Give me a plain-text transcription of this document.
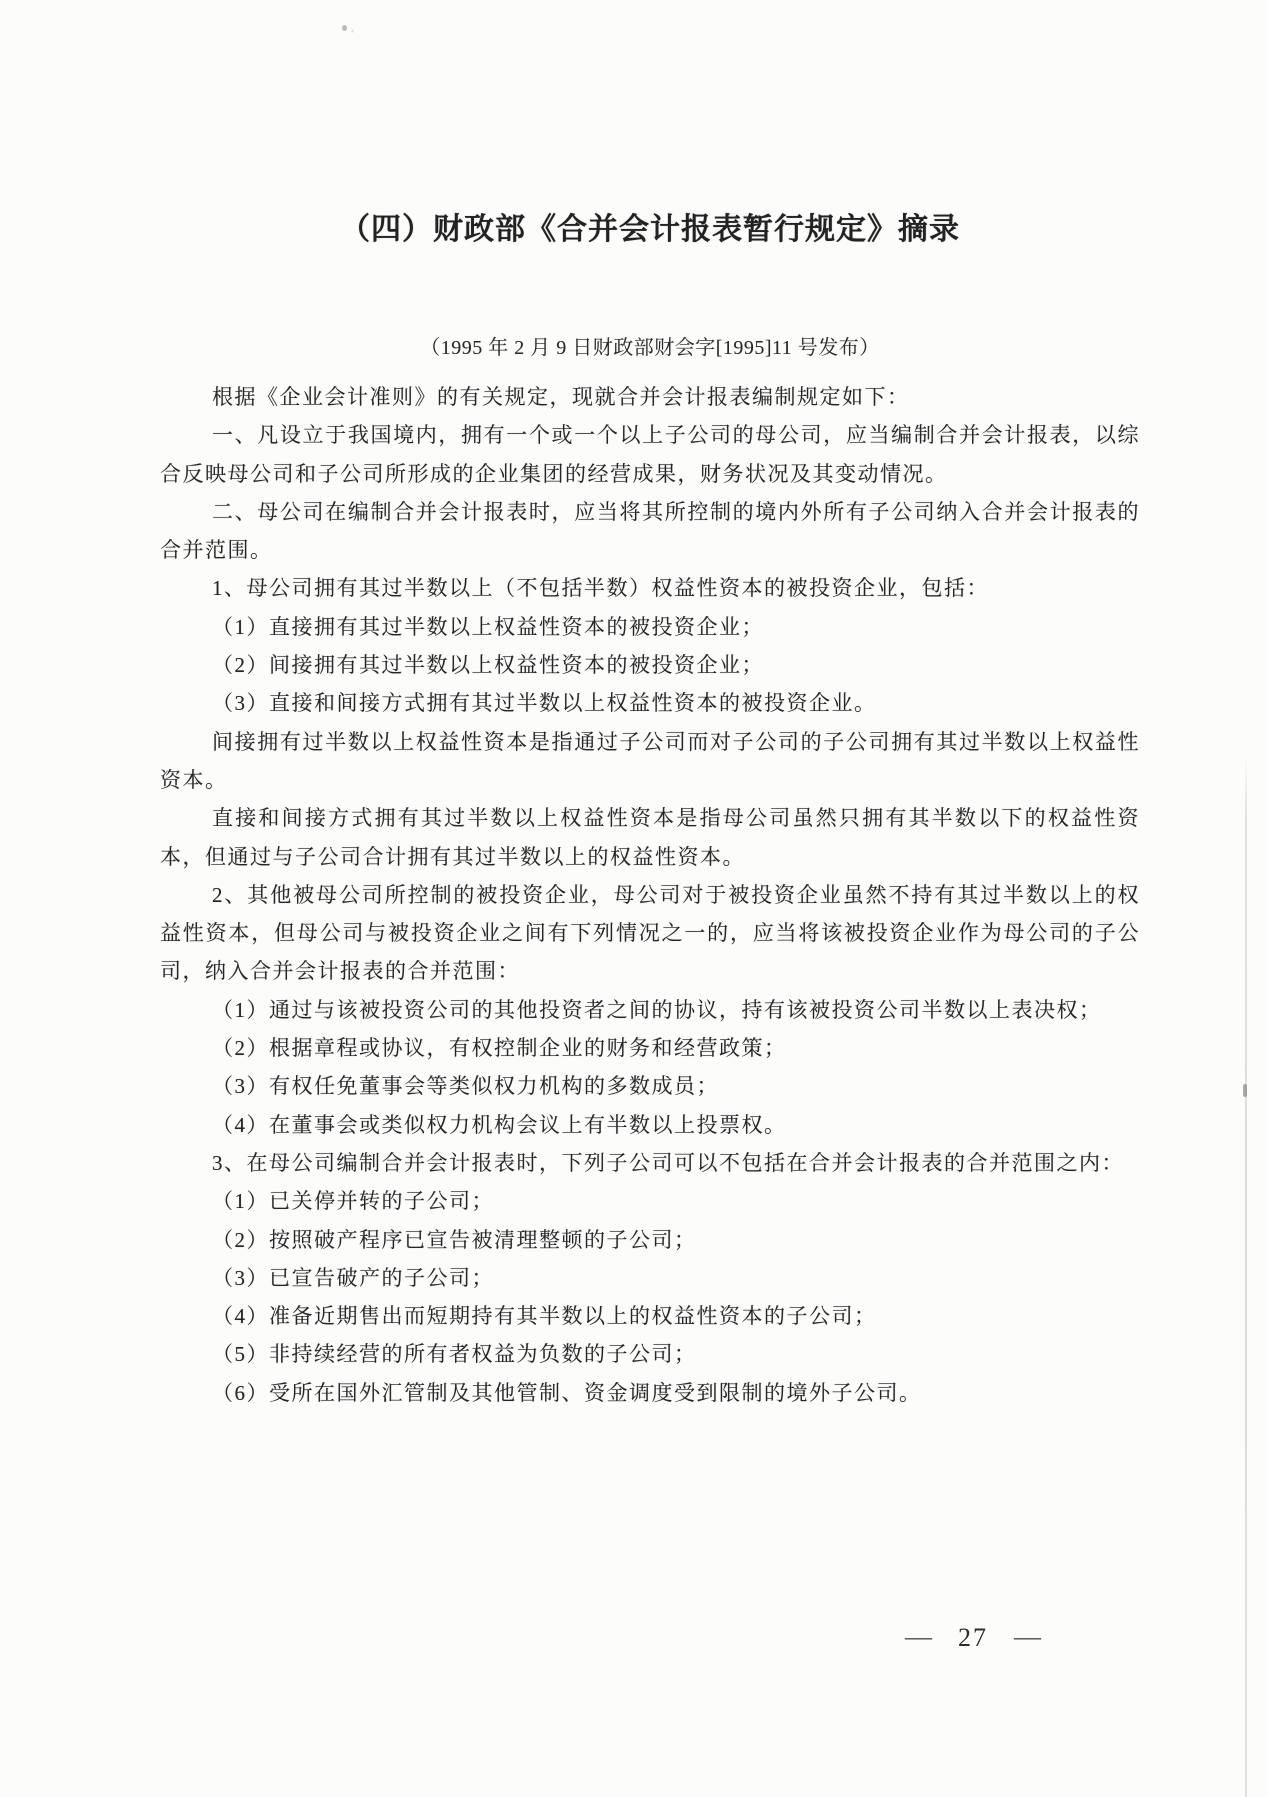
（四）财政部《合并会计报表暂行规定》摘录
（1995 年 2 月 9 日财政部财会字[1995]11 号发布）

根据《企业会计准则》的有关规定，现就合并会计报表编制规定如下：

一、凡设立于我国境内，拥有一个或一个以上子公司的母公司，应当编制合并会计报表，以综合反映母公司和子公司所形成的企业集团的经营成果，财务状况及其变动情况。

二、母公司在编制合并会计报表时，应当将其所控制的境内外所有子公司纳入合并会计报表的合并范围。

1、母公司拥有其过半数以上（不包括半数）权益性资本的被投资企业，包括：

（1）直接拥有其过半数以上权益性资本的被投资企业；

（2）间接拥有其过半数以上权益性资本的被投资企业；

（3）直接和间接方式拥有其过半数以上权益性资本的被投资企业。

间接拥有过半数以上权益性资本是指通过子公司而对子公司的子公司拥有其过半数以上权益性资本。

直接和间接方式拥有其过半数以上权益性资本是指母公司虽然只拥有其半数以下的权益性资本，但通过与子公司合计拥有其过半数以上的权益性资本。

2、其他被母公司所控制的被投资企业，母公司对于被投资企业虽然不持有其过半数以上的权益性资本，但母公司与被投资企业之间有下列情况之一的，应当将该被投资企业作为母公司的子公司，纳入合并会计报表的合并范围：

（1）通过与该被投资公司的其他投资者之间的协议，持有该被投资公司半数以上表决权；

（2）根据章程或协议，有权控制企业的财务和经营政策；

（3）有权任免董事会等类似权力机构的多数成员；

（4）在董事会或类似权力机构会议上有半数以上投票权。

3、在母公司编制合并会计报表时，下列子公司可以不包括在合并会计报表的合并范围之内：

（1）已关停并转的子公司；

（2）按照破产程序已宣告被清理整顿的子公司；

（3）已宣告破产的子公司；

（4）准备近期售出而短期持有其半数以上的权益性资本的子公司；

（5）非持续经营的所有者权益为负数的子公司；

（6）受所在国外汇管制及其他管制、资金调度受到限制的境外子公司。

— 27 —
